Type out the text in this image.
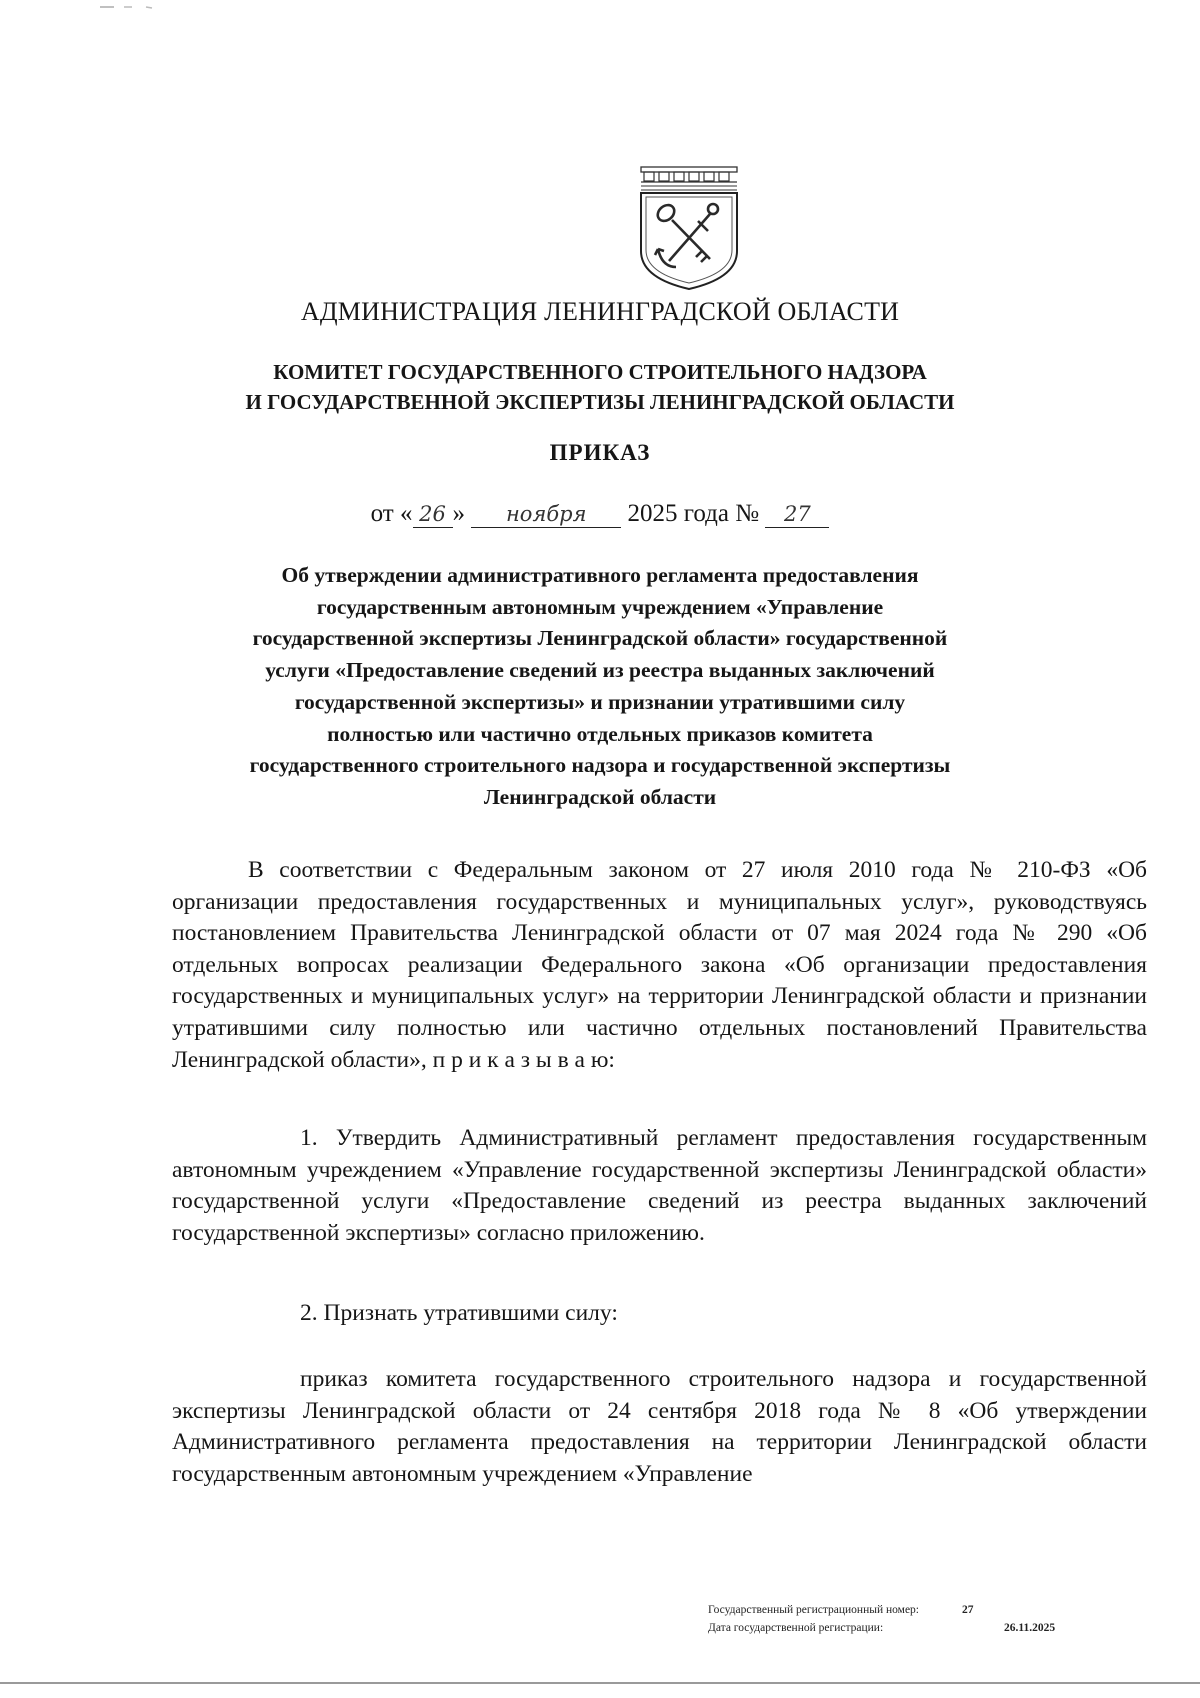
АДМИНИСТРАЦИЯ ЛЕНИНГРАДСКОЙ ОБЛАСТИ
КОМИТЕТ ГОСУДАРСТВЕННОГО СТРОИТЕЛЬНОГО НАДЗОРА
И ГОСУДАРСТВЕННОЙ ЭКСПЕРТИЗЫ ЛЕНИНГРАДСКОЙ ОБЛАСТИ
ПРИКАЗ
от « 26 » ноября 2025 года № 27
Об утверждении административного регламента предоставления
государственным автономным учреждением «Управление
государственной экспертизы Ленинградской области» государственной
услуги «Предоставление сведений из реестра выданных заключений
государственной экспертизы» и признании утратившими силу
полностью или частично отдельных приказов комитета
государственного строительного надзора и государственной экспертизы
Ленинградской области

В соответствии с Федеральным законом от 27 июля 2010 года № 210-ФЗ «Об организации предоставления государственных и муниципальных услуг», руководствуясь постановлением Правительства Ленинградской области от 07 мая 2024 года № 290 «Об отдельных вопросах реализации Федерального закона «Об организации предоставления государственных и муниципальных услуг» на территории Ленинградской области и признании утратившими силу полностью или частично отдельных постановлений Правительства Ленинградской области», п р и к а з ы в а ю:

1. Утвердить Административный регламент предоставления государственным автономным учреждением «Управление государственной экспертизы Ленинградской области» государственной услуги «Предоставление сведений из реестра выданных заключений государственной экспертизы» согласно приложению.

2. Признать утратившими силу:

приказ комитета государственного строительного надзора и государственной экспертизы Ленинградской области от 24 сентября 2018 года № 8 «Об утверждении Административного регламента предоставления на территории Ленинградской области государственным автономным учреждением «Управление

Государственный регистрационный номер:	27
Дата государственной регистрации:	26.11.2025
